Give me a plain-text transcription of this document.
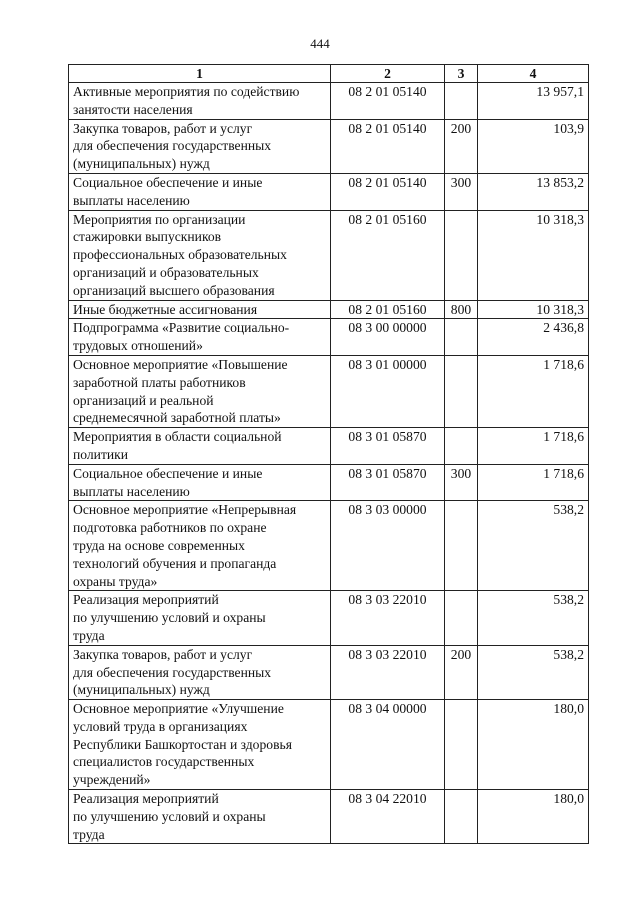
444
1	2	3	4
Активные мероприятия по содействию
занятости населения	08 2 01 05140		13 957,1
Закупка товаров, работ и услуг
для обеспечения государственных
(муниципальных) нужд	08 2 01 05140	200	103,9
Социальное обеспечение и иные
выплаты населению	08 2 01 05140	300	13 853,2
Мероприятия по организации
стажировки выпускников
профессиональных образовательных
организаций и образовательных
организаций высшего образования	08 2 01 05160		10 318,3
Иные бюджетные ассигнования	08 2 01 05160	800	10 318,3
Подпрограмма «Развитие социально-
трудовых отношений»	08 3 00 00000		2 436,8
Основное мероприятие «Повышение
заработной платы работников
организаций и реальной
среднемесячной заработной платы»	08 3 01 00000		1 718,6
Мероприятия в области социальной
политики	08 3 01 05870		1 718,6
Социальное обеспечение и иные
выплаты населению	08 3 01 05870	300	1 718,6
Основное мероприятие «Непрерывная
подготовка работников по охране
труда на основе современных
технологий обучения и пропаганда
охраны труда»	08 3 03 00000		538,2
Реализация мероприятий
по улучшению условий и охраны
труда	08 3 03 22010		538,2
Закупка товаров, работ и услуг
для обеспечения государственных
(муниципальных) нужд	08 3 03 22010	200	538,2
Основное мероприятие «Улучшение
условий труда в организациях
Республики Башкортостан и здоровья
специалистов государственных
учреждений»	08 3 04 00000		180,0
Реализация мероприятий
по улучшению условий и охраны
труда	08 3 04 22010		180,0
